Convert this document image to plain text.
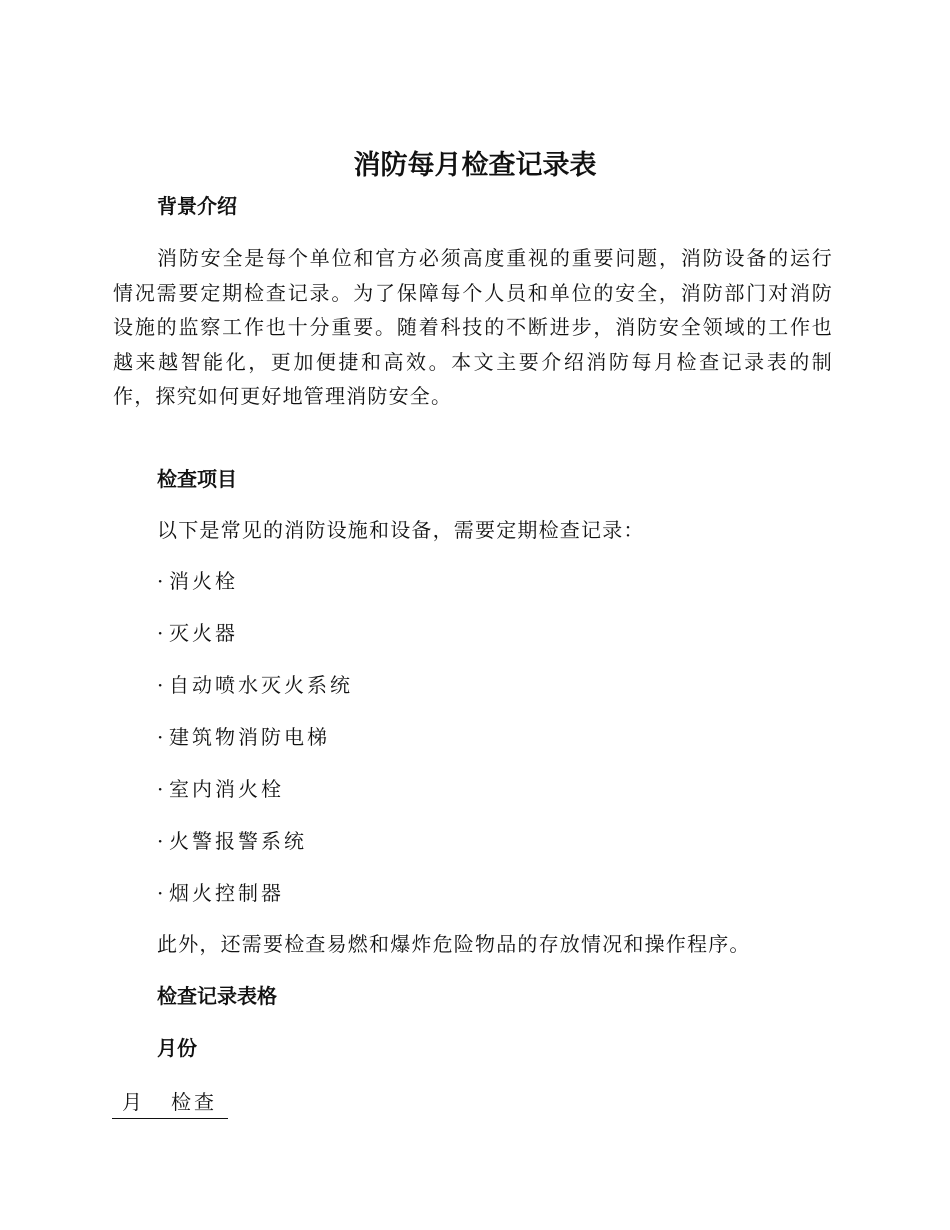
消防每月检查记录表
背景介绍

消防安全是每个单位和官方必须高度重视的重要问题，消防设备的运行情况需要定期检查记录。为了保障每个人员和单位的安全，消防部门对消防设施的监察工作也十分重要。随着科技的不断进步，消防安全领域的工作也越来越智能化，更加便捷和高效。本文主要介绍消防每月检查记录表的制作，探究如何更好地管理消防安全。

检查项目

以下是常见的消防设施和设备，需要定期检查记录：

· 消火栓
· 灭火器
· 自动喷水灭火系统
· 建筑物消防电梯
· 室内消火栓
· 火警报警系统
· 烟火控制器

此外，还需要检查易燃和爆炸危险物品的存放情况和操作程序。

检查记录表格
月份
月 检查
